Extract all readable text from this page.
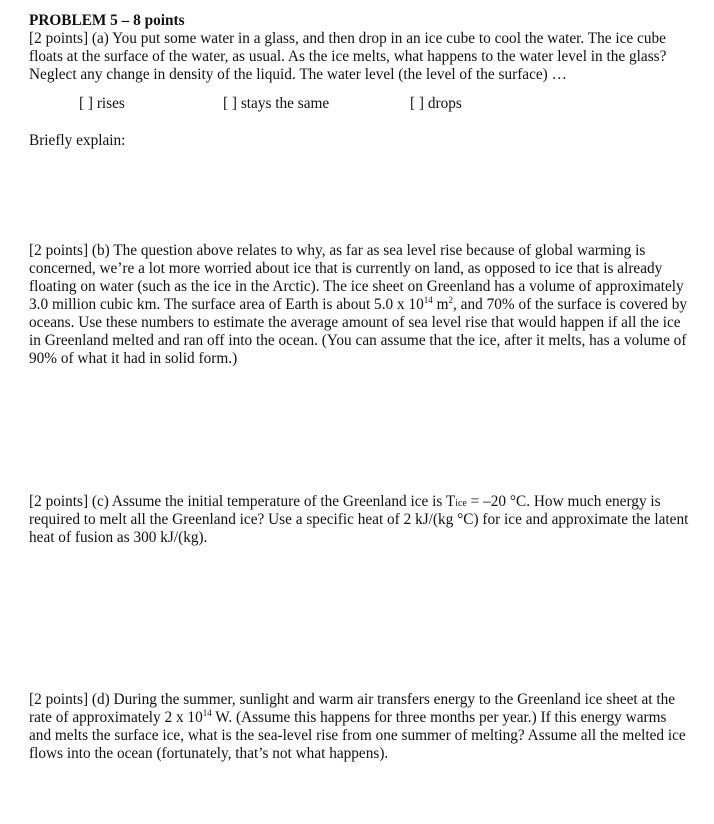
PROBLEM 5 – 8 points

[2 points] (a) You put some water in a glass, and then drop in an ice cube to cool the water. The ice cube floats at the surface of the water, as usual. As the ice melts, what happens to the water level in the glass? Neglect any change in density of the liquid. The water level (the level of the surface) …

[ ] rises	[ ] stays the same	[ ] drops
Briefly explain:

[2 points] (b) The question above relates to why, as far as sea level rise because of global warming is concerned, we’re a lot more worried about ice that is currently on land, as opposed to ice that is already floating on water (such as the ice in the Arctic). The ice sheet on Greenland has a volume of approximately 3.0 million cubic km. The surface area of Earth is about 5.0 x $10^{14}$ $m^2$, and 70% of the surface is covered by oceans. Use these numbers to estimate the average amount of sea level rise that would happen if all the ice in Greenland melted and ran off into the ocean. (You can assume that the ice, after it melts, has a volume of 90% of what it had in solid form.)

[2 points] (c) Assume the initial temperature of the Greenland ice is Tice = –20 °C. How much energy is required to melt all the Greenland ice? Use a specific heat of 2 kJ/(kg °C) for ice and approximate the latent heat of fusion as 300 kJ/(kg).

[2 points] (d) During the summer, sunlight and warm air transfers energy to the Greenland ice sheet at the rate of approximately 2 x $10^{14}$ W. (Assume this happens for three months per year.) If this energy warms and melts the surface ice, what is the sea-level rise from one summer of melting? Assume all the melted ice flows into the ocean (fortunately, that’s not what happens).
